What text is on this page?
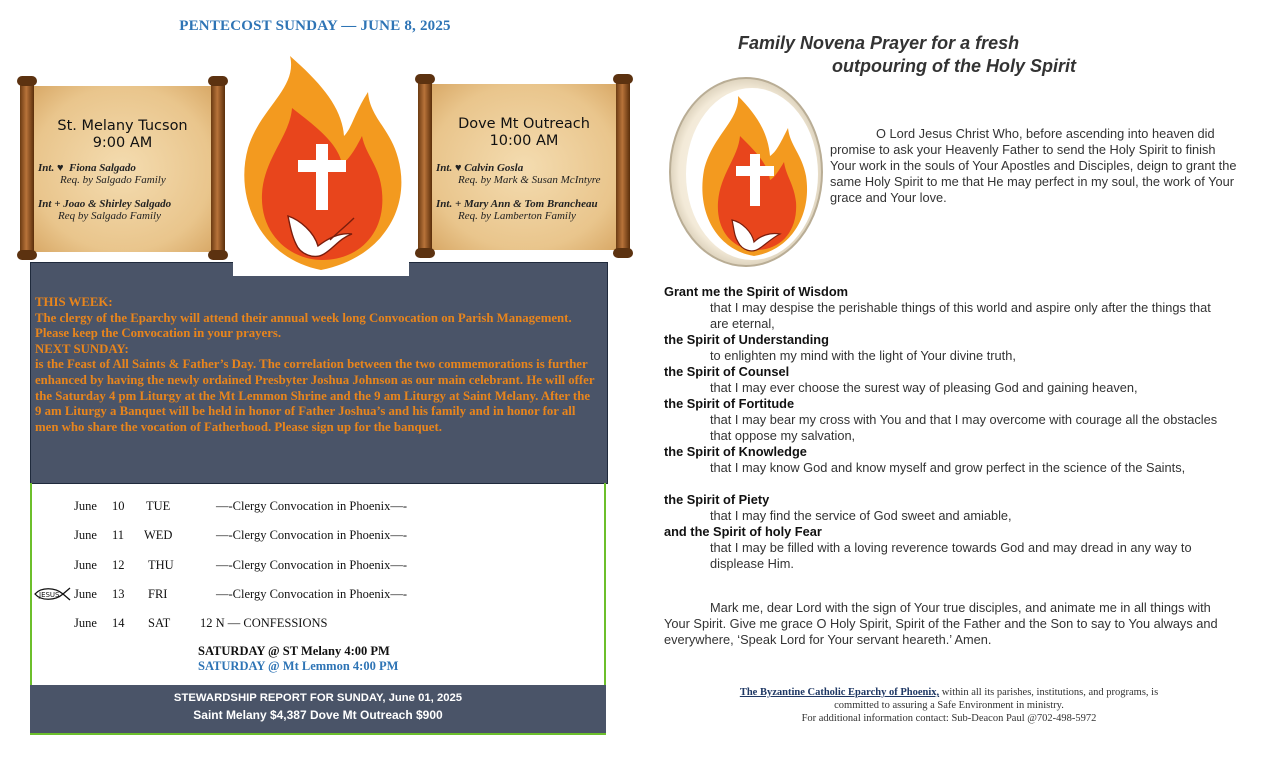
PENTECOST SUNDAY — JUNE 8, 2025
St. Melany Tucson
9:00 AM
Int. ♥ Fiona Salgado
Req. by Salgado Family
Int + Joao & Shirley Salgado
Req by Salgado Family
Dove Mt Outreach
10:00 AM
Int. ♥ Calvin Gosla
Req. by Mark & Susan McIntyre
Int. + Mary Ann & Tom Brancheau
Req. by Lamberton Family
THIS WEEK:
The clergy of the Eparchy will attend their annual week long Convocation on Parish Management. Please keep the Convocation in your prayers.
NEXT SUNDAY:
is the Feast of All Saints & Father’s Day. The correlation between the two commemorations is further enhanced by having the newly ordained Presbyter Joshua Johnson as our main celebrant. He will offer the Saturday 4 pm Liturgy at the Mt Lemmon Shrine and the 9 am Liturgy at Saint Melany. After the 9 am Liturgy a Banquet will be held in honor of Father Joshua’s and his family and in honor for all men who share the vocation of Fatherhood. Please sign up for the banquet.
June 10 TUE	—-Clergy Convocation in Phoenix—-
June 11 WED	—-Clergy Convocation in Phoenix—-
June 12 THU	—-Clergy Convocation in Phoenix—-
JESUS June 13 FRI	—-Clergy Convocation in Phoenix—-
June 14 SAT 12 N — CONFESSIONS
SATURDAY @ ST Melany 4:00 PM
SATURDAY @ Mt Lemmon 4:00 PM
STEWARDSHIP REPORT FOR SUNDAY, June 01, 2025
Saint Melany $4,387 Dove Mt Outreach $900
Family Novena Prayer for a fresh
outpouring of the Holy Spirit
O Lord Jesus Christ Who, before ascending into heaven did promise to ask your Heavenly Father to send the Holy Spirit to finish Your work in the souls of Your Apostles and Disciples, deign to grant the same Holy Spirit to me that He may perfect in my soul, the work of Your grace and Your love.
Grant me the Spirit of Wisdom
that I may despise the perishable things of this world and aspire only after the things that are eternal,
the Spirit of Understanding
to enlighten my mind with the light of Your divine truth,
the Spirit of Counsel
that I may ever choose the surest way of pleasing God and gaining heaven,
the Spirit of Fortitude
that I may bear my cross with You and that I may overcome with courage all the obstacles that oppose my salvation,
the Spirit of Knowledge
that I may know God and know myself and grow perfect in the science of the Saints,
the Spirit of Piety
that I may find the service of God sweet and amiable,
and the Spirit of holy Fear
that I may be filled with a loving reverence towards God and may dread in any way to displease Him.
Mark me, dear Lord with the sign of Your true disciples, and animate me in all things with Your Spirit. Give me grace O Holy Spirit, Spirit of the Father and the Son to say to You always and everywhere, ‘Speak Lord for Your servant heareth.’ Amen.
The Byzantine Catholic Eparchy of Phoenix, within all its parishes, institutions, and programs, is
committed to assuring a Safe Environment in ministry.
For additional information contact: Sub-Deacon Paul @702-498-5972
